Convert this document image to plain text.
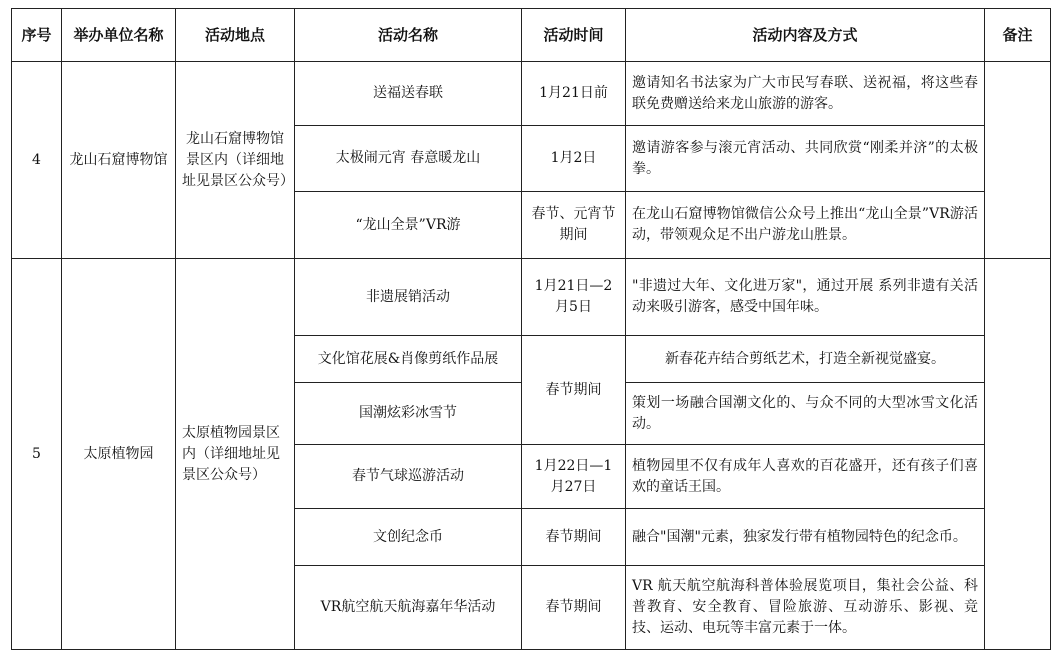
序号	举办单位名称	活动地点	活动名称	活动时间	活动内容及方式	备注
4	龙山石窟博物馆	龙山石窟博物馆景区内（详细地址见景区公众号）	送福送春联	1月21日前	邀请知名书法家为广大市民写春联、送祝福，将这些春联免费赠送给来龙山旅游的游客。	
			太极闹元宵 春意暖龙山	1月2日	邀请游客参与滚元宵活动、共同欣赏“刚柔并济”的太极拳。	
			“龙山全景”VR游	春节、元宵节期间	在龙山石窟博物馆微信公众号上推出“龙山全景”VR游活动，带领观众足不出户游龙山胜景。	
5	太原植物园	太原植物园景区内（详细地址见景区公众号）	非遗展销活动	1月21日—2月5日	"非遗过大年、文化进万家"，通过开展 系列非遗有关活动来吸引游客，感受中国年味。	
			文化馆花展&肖像剪纸作品展	春节期间	新春花卉结合剪纸艺术，打造全新视觉盛宴。	
			国潮炫彩冰雪节		策划一场融合国潮文化的、与众不同的大型冰雪文化活动。	
			春节气球巡游活动	1月22日—1月27日	植物园里不仅有成年人喜欢的百花盛开，还有孩子们喜欢的童话王国。	
			文创纪念币	春节期间	融合"国潮"元素，独家发行带有植物园特色的纪念币。	
			VR航空航天航海嘉年华活动	春节期间	VR 航天航空航海科普体验展览项目，集社会公益、科普教育、安全教育、冒险旅游、互动游乐、影视、竞技、运动、电玩等丰富元素于一体。	
